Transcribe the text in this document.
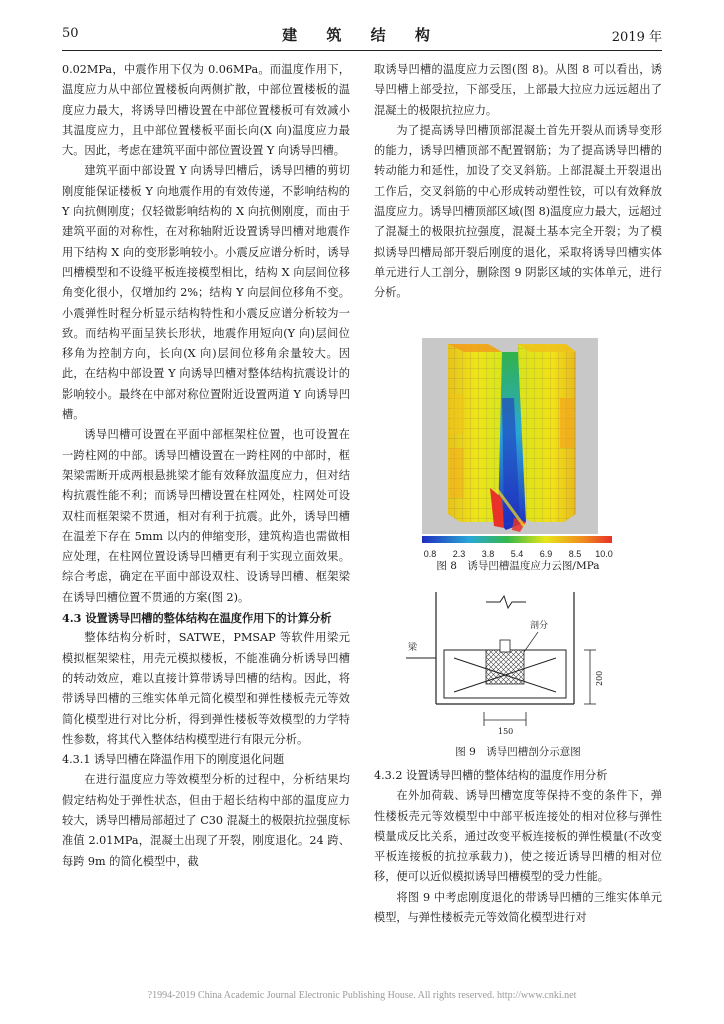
50	建 筑 结 构	2019 年

0.02MPa，中震作用下仅为 0.06MPa。而温度作用下，温度应力从中部位置楼板向两侧扩散，中部位置楼板的温度应力最大，将诱导凹槽设置在中部位置楼板可有效减小其温度应力，且中部位置楼板平面长向(X 向)温度应力最大。因此，考虑在建筑平面中部位置设置 Y 向诱导凹槽。

建筑平面中部设置 Y 向诱导凹槽后，诱导凹槽的剪切刚度能保证楼板 Y 向地震作用的有效传递，不影响结构的 Y 向抗侧刚度；仅轻微影响结构的 X 向抗侧刚度，而由于建筑平面的对称性，在对称轴附近设置诱导凹槽对地震作用下结构 X 向的变形影响较小。小震反应谱分析时，诱导凹槽模型和不设缝平板连接模型相比，结构 X 向层间位移角变化很小，仅增加约 2%；结构 Y 向层间位移角不变。小震弹性时程分析显示结构特性和小震反应谱分析较为一致。而结构平面呈狭长形状，地震作用短向(Y 向)层间位移角为控制方向，长向(X 向)层间位移角余量较大。因此，在结构中部设置 Y 向诱导凹槽对整体结构抗震设计的影响较小。最终在中部对称位置附近设置两道 Y 向诱导凹槽。

诱导凹槽可设置在平面中部框架柱位置，也可设置在一跨柱网的中部。诱导凹槽设置在一跨柱网的中部时，框架梁需断开成两根悬挑梁才能有效释放温度应力，但对结构抗震性能不利；而诱导凹槽设置在柱网处，柱网处可设双柱而框架梁不贯通，相对有利于抗震。此外，诱导凹槽在温差下存在 5mm 以内的伸缩变形，建筑构造也需做相应处理，在柱网位置设诱导凹槽更有利于实现立面效果。综合考虑，确定在平面中部设双柱、设诱导凹槽、框架梁在诱导凹槽位置不贯通的方案(图 2)。

4.3 设置诱导凹槽的整体结构在温度作用下的计算分析

整体结构分析时，SATWE，PMSAP 等软件用梁元模拟框架梁柱，用壳元模拟楼板，不能准确分析诱导凹槽的转动效应，难以直接计算带诱导凹槽的结构。因此，将带诱导凹槽的三维实体单元简化模型和弹性楼板壳元等效简化模型进行对比分析，得到弹性楼板等效模型的力学特性参数，将其代入整体结构模型进行有限元分析。

4.3.1 诱导凹槽在降温作用下的刚度退化问题

在进行温度应力等效模型分析的过程中，分析结果均假定结构处于弹性状态，但由于超长结构中部的温度应力较大，诱导凹槽局部超过了 C30 混凝土的极限抗拉强度标准值 2.01MPa，混凝土出现了开裂，刚度退化。24 跨、每跨 9m 的简化模型中，截

取诱导凹槽的温度应力云图(图 8)。从图 8 可以看出，诱导凹槽上部受拉，下部受压，上部最大拉应力远远超出了混凝土的极限抗拉应力。

为了提高诱导凹槽顶部混凝土首先开裂从而诱导变形的能力，诱导凹槽顶部不配置钢筋；为了提高诱导凹槽的转动能力和延性，加设了交叉斜筋。上部混凝土开裂退出工作后，交叉斜筋的中心形成转动塑性铰，可以有效释放温度应力。诱导凹槽顶部区域(图 8)温度应力最大，远超过了混凝土的极限抗拉强度，混凝土基本完全开裂；为了模拟诱导凹槽局部开裂后刚度的退化，采取将诱导凹槽实体单元进行人工剖分，删除图 9 阴影区域的实体单元，进行分析。

0.8 2.3 3.8 5.4 6.9 8.5 10.0
图 8　诱导凹槽温度应力云图/MPa
梁
剖分
200
150
图 9　诱导凹槽剖分示意图

4.3.2 设置诱导凹槽的整体结构的温度作用分析

在外加荷载、诱导凹槽宽度等保持不变的条件下，弹性楼板壳元等效模型中中部平板连接处的相对位移与弹性模量成反比关系，通过改变平板连接板的弹性模量(不改变平板连接板的抗拉承载力)，使之接近诱导凹槽的相对位移，便可以近似模拟诱导凹槽模型的受力性能。

将图 9 中考虑刚度退化的带诱导凹槽的三维实体单元模型，与弹性楼板壳元等效简化模型进行对

?1994-2019 China Academic Journal Electronic Publishing House. All rights reserved. http://www.cnki.net
